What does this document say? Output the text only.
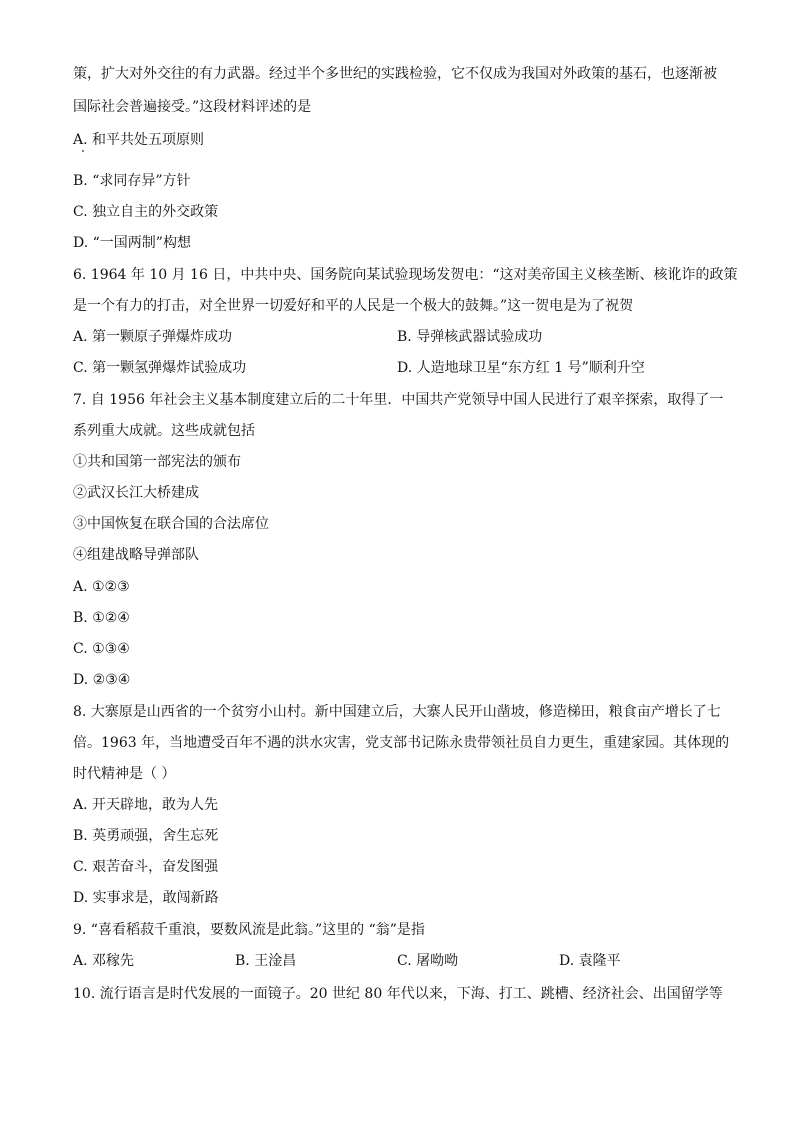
策，扩大对外交往的有力武器。经过半个多世纪的实践检验，它不仅成为我国对外政策的基石，也逐渐被
国际社会普遍接受。”这段材料评述的是
A. 和平共处五项原则
B. “求同存异”方针
C. 独立自主的外交政策
D. “一国两制”构想
6. 1964 年 10 月 16 日，中共中央、国务院向某试验现场发贺电：“这对美帝国主义核垄断、核讹诈的政策
是一个有力的打击，对全世界一切爱好和平的人民是一个极大的鼓舞。”这一贺电是为了祝贺
A. 第一颗原子弹爆炸成功	B. 导弹核武器试验成功
C. 第一颗氢弹爆炸试验成功	D. 人造地球卫星“东方红 1 号”顺利升空
7. 自 1956 年社会主义基本制度建立后的二十年里．中国共产党领导中国人民进行了艰辛探索，取得了一
系列重大成就。这些成就包括
①共和国第一部宪法的颁布
②武汉长江大桥建成
③中国恢复在联合国的合法席位
④组建战略导弹部队
A. ①②③
B. ①②④
C. ①③④
D. ②③④
8. 大寨原是山西省的一个贫穷小山村。新中国建立后，大寨人民开山凿坡，修造梯田，粮食亩产增长了七
倍。1963 年，当地遭受百年不遇的洪水灾害，党支部书记陈永贵带领社员自力更生，重建家园。其体现的
时代精神是（ ）
A. 开天辟地，敢为人先
B. 英勇顽强，舍生忘死
C. 艰苦奋斗，奋发图强
D. 实事求是，敢闯新路
9. “喜看稻菽千重浪，要数风流是此翁。”这里的 “翁”是指
A. 邓稼先	B. 王淦昌	C. 屠呦呦	D. 袁隆平
10. 流行语言是时代发展的一面镜子。20 世纪 80 年代以来，下海、打工、跳槽、经济社会、出国留学等
